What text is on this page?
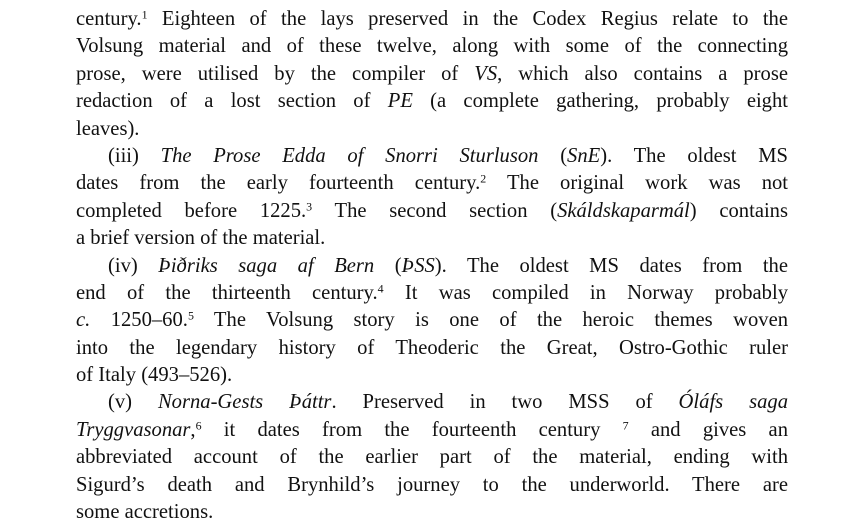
century.$^1$ Eighteen of the lays preserved in the Codex Regius relate to the
Volsung material and of these twelve, along with some of the connecting
prose, were utilised by the compiler of VS, which also contains a prose
redaction of a lost section of PE (a complete gathering, probably eight
leaves).
(iii) The Prose Edda of Snorri Sturluson (SnE). The oldest MS
dates from the early fourteenth century.$^2$ The original work was not
completed before 1225.$^3$ The second section (Skáldskaparmál) contains
a brief version of the material.
(iv) Þiðriks saga af Bern (ÞSS). The oldest MS dates from the
end of the thirteenth century.$^4$ It was compiled in Norway probably
c. 1250–60.$^5$ The Volsung story is one of the heroic themes woven
into the legendary history of Theoderic the Great, Ostro-Gothic ruler
of Italy (493–526).
(v) Norna-Gests Þáttr. Preserved in two MSS of Óláfs saga
Tryggvasonar,$^6$ it dates from the fourteenth century $^7$ and gives an
abbreviated account of the earlier part of the material, ending with
Sigurd’s death and Brynhild’s journey to the underworld. There are
some accretions.
